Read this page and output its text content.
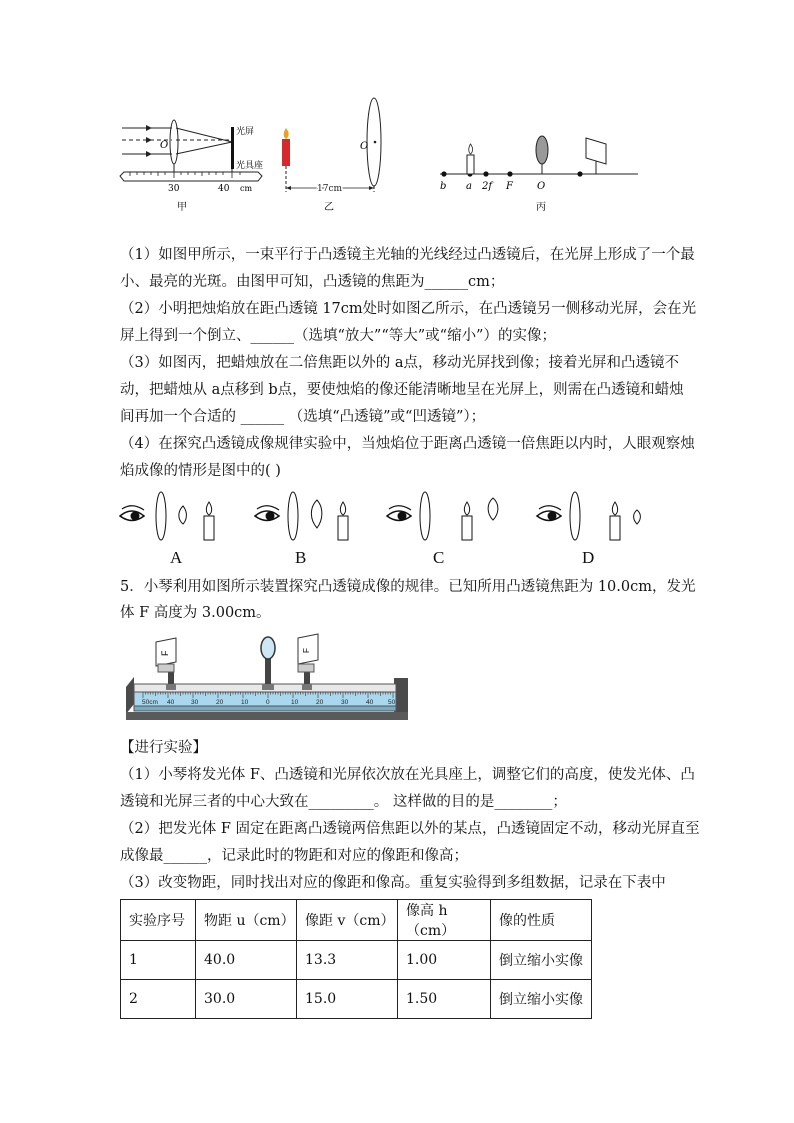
光屏
O
光具座
30	40 cm
甲
O
17cm
乙
b a 2f F O
丙
（1）如图甲所示，一束平行于凸透镜主光轴的光线经过凸透镜后，在光屏上形成了一个最
小、最亮的光斑。由图甲可知，凸透镜的焦距为______cm；
（2）小明把烛焰放在距凸透镜 17cm处时如图乙所示，在凸透镜另一侧移动光屏，会在光
屏上得到一个倒立、______（选填“放大”“等大”或“缩小”）的实像；
（3）如图丙，把蜡烛放在二倍焦距以外的 a点，移动光屏找到像；接着光屏和凸透镜不
动，把蜡烛从 a点移到 b点，要使烛焰的像还能清晰地呈在光屏上，则需在凸透镜和蜡烛
间再加一个合适的 ______ （选填“凸透镜”或“凹透镜”）；
（4）在探究凸透镜成像规律实验中，当烛焰位于距离凸透镜一倍焦距以内时，人眼观察烛
焰成像的情形是图中的( )
A	B	C	D
5．小琴利用如图所示装置探究凸透镜成像的规律。已知所用凸透镜焦距为 10.0cm，发光
体 F 高度为 3.00cm。
F	F
50cm 40	30	20	10	0	10	20	30	40 50
【进行实验】
（1）小琴将发光体 F、凸透镜和光屏依次放在光具座上，调整它们的高度，使发光体、凸
透镜和光屏三者的中心大致在_________。 这样做的目的是________；
（2）把发光体 F 固定在距离凸透镜两倍焦距以外的某点，凸透镜固定不动，移动光屏直至
成像最______，记录此时的物距和对应的像距和像高；
（3）改变物距，同时找出对应的像距和像高。重复实验得到多组数据，记录在下表中
实验序号	物距 u（cm）	像距 v（cm）	像高 h（cm）	像的性质
1	40.0	13.3	1.00	倒立缩小实像
2	30.0	15.0	1.50	倒立缩小实像
